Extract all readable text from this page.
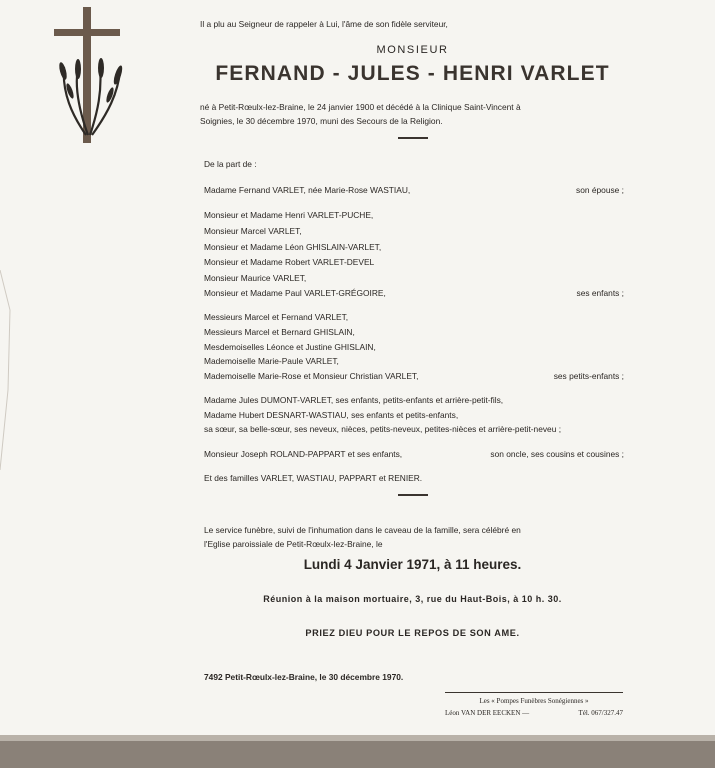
Il a plu au Seigneur de rappeler à Lui, l'âme de son fidèle serviteur,
MONSIEUR
FERNAND - JULES - HENRI VARLET
né à Petit-Rœulx-lez-Braine, le 24 janvier 1900 et décédé à la Clinique Saint-Vincent à
Soignies, le 30 décembre 1970, muni des Secours de la Religion.
De la part de :
Madame Fernand VARLET, née Marie-Rose WASTIAU,	son épouse ;
Monsieur et Madame Henri VARLET-PUCHE,
Monsieur Marcel VARLET,
Monsieur et Madame Léon GHISLAIN-VARLET,
Monsieur et Madame Robert VARLET-DEVEL
Monsieur Maurice VARLET,
Monsieur et Madame Paul VARLET-GRÉGOIRE,	ses enfants ;
Messieurs Marcel et Fernand VARLET,
Messieurs Marcel et Bernard GHISLAIN,
Mesdemoiselles Léonce et Justine GHISLAIN,
Mademoiselle Marie-Paule VARLET,
Mademoiselle Marie-Rose et Monsieur Christian VARLET,	ses petits-enfants ;
Madame Jules DUMONT-VARLET, ses enfants, petits-enfants et arrière-petit-fils,
Madame Hubert DESNART-WASTIAU, ses enfants et petits-enfants,
sa sœur, sa belle-sœur, ses neveux, nièces, petits-neveux, petites-nièces et arrière-petit-neveu ;
Monsieur Joseph ROLAND-PAPPART et ses enfants,	son oncle, ses cousins et cousines ;
Et des familles VARLET, WASTIAU, PAPPART et RENIER.
Le service funèbre, suivi de l'inhumation dans le caveau de la famille, sera célébré en
l'Eglise paroissiale de Petit-Rœulx-lez-Braine, le
Lundi 4 Janvier 1971, à 11 heures.
Réunion à la maison mortuaire, 3, rue du Haut-Bois, à 10 h. 30.
PRIEZ DIEU POUR LE REPOS DE SON AME.
7492 Petit-Rœulx-lez-Braine, le 30 décembre 1970.
Les « Pompes Funèbres Sonégiennes »
Léon VAN DER EECKEN —	Tél. 067/327.47
